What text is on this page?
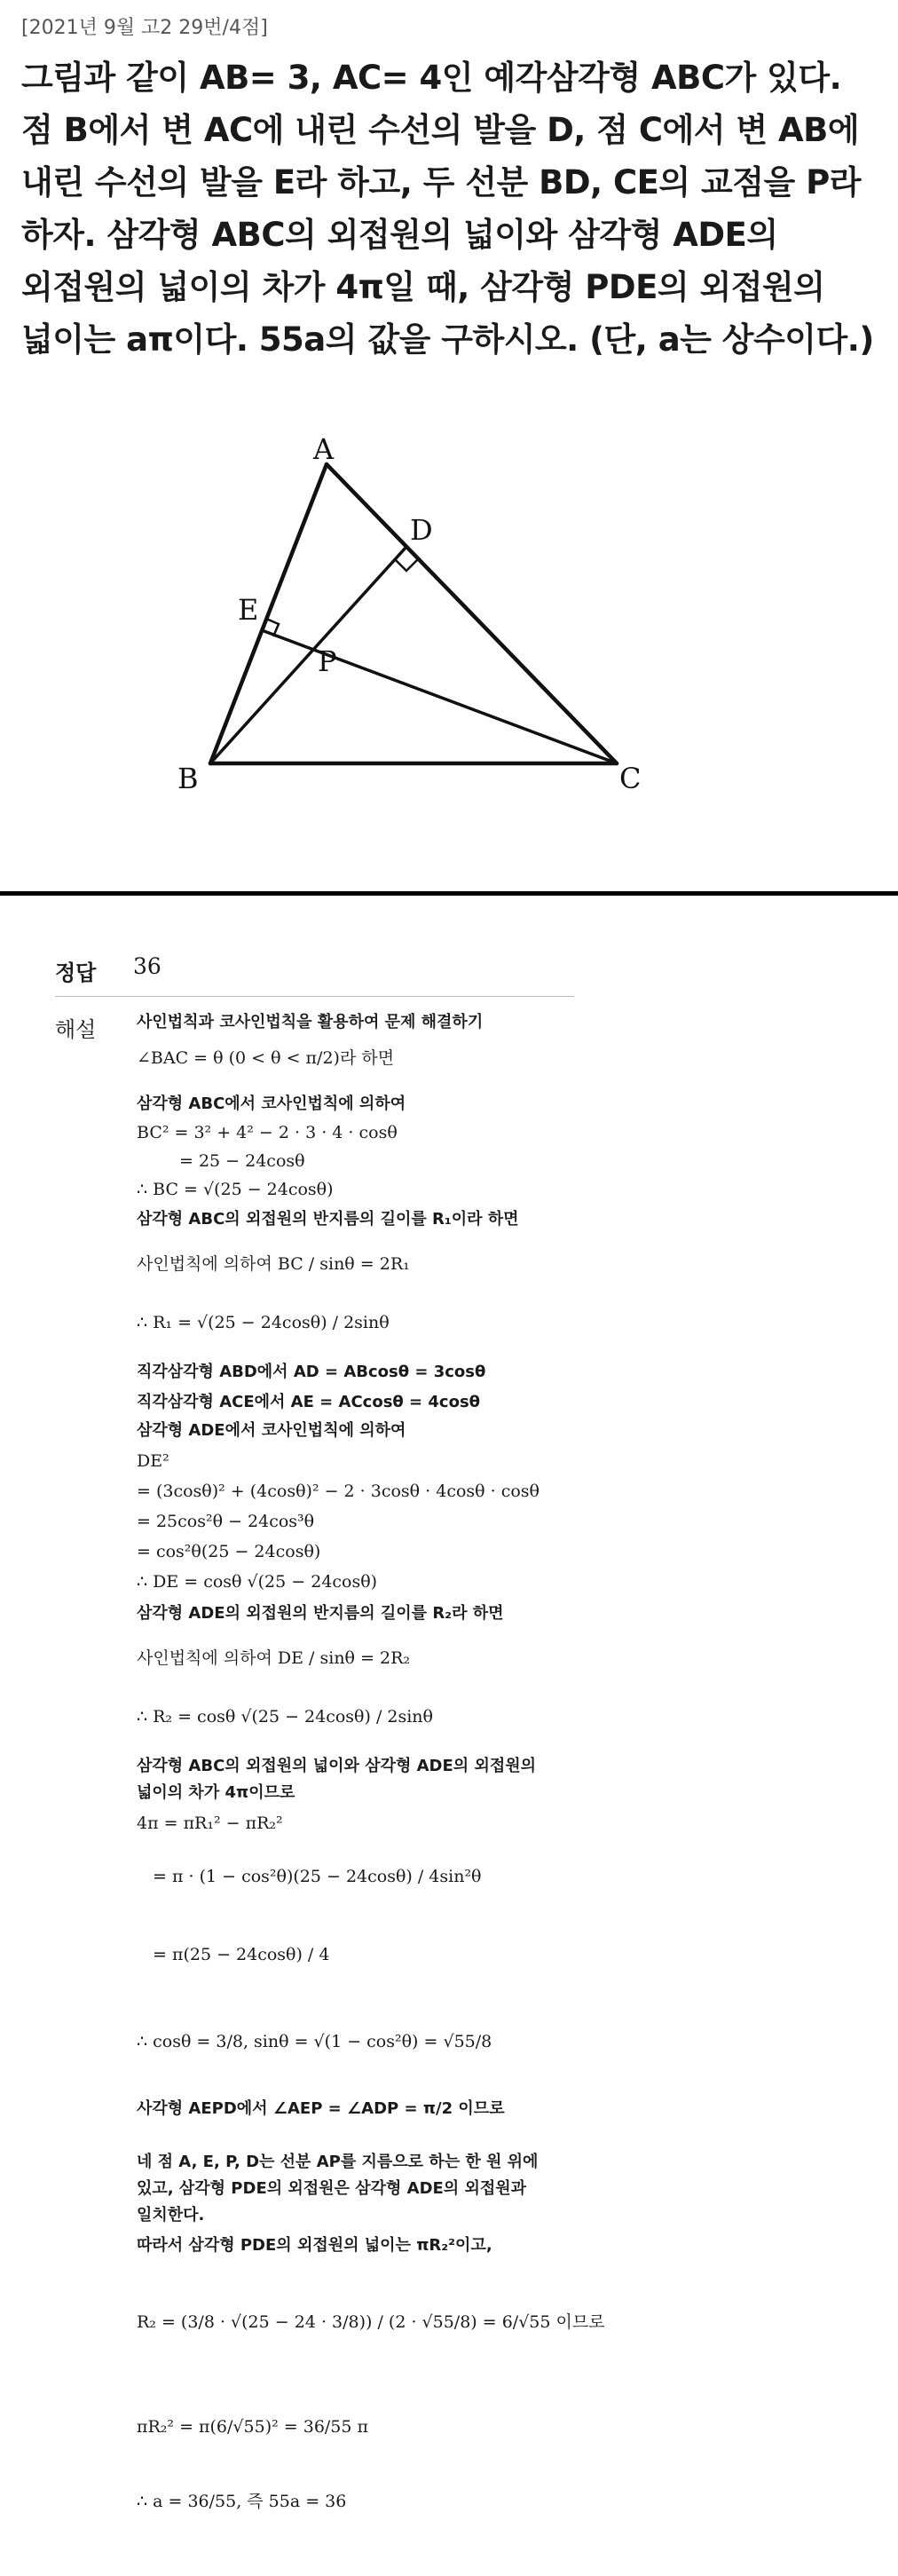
[2021년 9월 고2 29번/4점]
그림과 같이 AB= 3, AC= 4인 예각삼각형 ABC가 있다.
점 B에서 변 AC에 내린 수선의 발을 D, 점 C에서 변 AB에
내린 수선의 발을 E라 하고, 두 선분 BD, CE의 교점을 P라
하자. 삼각형 ABC의 외접원의 넓이와 삼각형 ADE의
외접원의 넓이의 차가 4π일 때, 삼각형 PDE의 외접원의
넓이는 aπ이다. 55a의 값을 구하시오. (단, a는 상수이다.)
A
B	C
D
E
P
정답 36
해설	사인법칙과 코사인법칙을 활용하여 문제 해결하기
∠BAC = θ (0 < θ < π/2)라 하면
삼각형 ABC에서 코사인법칙에 의하여
BC² = 3² + 4² − 2 · 3 · 4 · cosθ
= 25 − 24cosθ
∴ BC = √(25 − 24cosθ)
삼각형 ABC의 외접원의 반지름의 길이를 R₁이라 하면
사인법칙에 의하여 BC / sinθ = 2R₁
∴ R₁ = √(25 − 24cosθ) / 2sinθ
직각삼각형 ABD에서 AD = ABcosθ = 3cosθ
직각삼각형 ACE에서 AE = ACcosθ = 4cosθ
삼각형 ADE에서 코사인법칙에 의하여
DE²
= (3cosθ)² + (4cosθ)² − 2 · 3cosθ · 4cosθ · cosθ
= 25cos²θ − 24cos³θ
= cos²θ(25 − 24cosθ)
∴ DE = cosθ √(25 − 24cosθ)
삼각형 ADE의 외접원의 반지름의 길이를 R₂라 하면
사인법칙에 의하여 DE / sinθ = 2R₂
∴ R₂ = cosθ √(25 − 24cosθ) / 2sinθ
삼각형 ABC의 외접원의 넓이와 삼각형 ADE의 외접원의
넓이의 차가 4π이므로
4π = πR₁² − πR₂²
= π · (1 − cos²θ)(25 − 24cosθ) / 4sin²θ
= π(25 − 24cosθ) / 4
∴ cosθ = 3/8, sinθ = √(1 − cos²θ) = √55/8
사각형 AEPD에서 ∠AEP = ∠ADP = π/2 이므로
네 점 A, E, P, D는 선분 AP를 지름으로 하는 한 원 위에
있고, 삼각형 PDE의 외접원은 삼각형 ADE의 외접원과
일치한다.
따라서 삼각형 PDE의 외접원의 넓이는 πR₂²이고,
R₂ = (3/8 · √(25 − 24 · 3/8)) / (2 · √55/8) = 6/√55 이므로
πR₂² = π(6/√55)² = 36/55 π
∴ a = 36/55, 즉 55a = 36
